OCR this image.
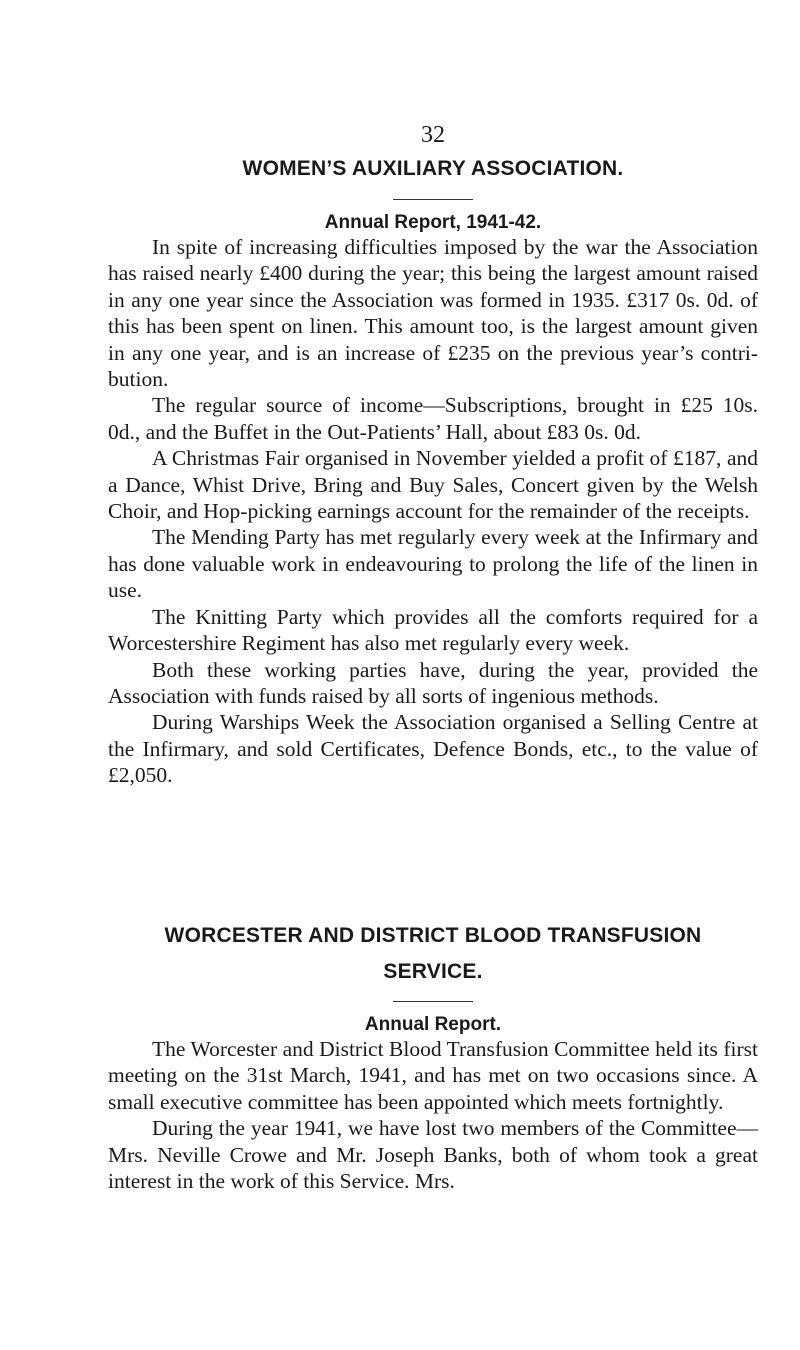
32
WOMEN’S AUXILIARY ASSOCIATION.
Annual Report, 1941-42.

In spite of increasing difficulties imposed by the war the Association has raised nearly £400 during the year; this being the largest amount raised in any one year since the Association was formed in 1935. £317 0s. 0d. of this has been spent on linen. This amount too, is the largest amount given in any one year, and is an increase of £235 on the previous year’s contribution.

The regular source of income—Subscriptions, brought in £25 10s. 0d., and the Buffet in the Out-Patients’ Hall, about £83 0s. 0d.

A Christmas Fair organised in November yielded a profit of £187, and a Dance, Whist Drive, Bring and Buy Sales, Concert given by the Welsh Choir, and Hop-picking earnings account for the remainder of the receipts.

The Mending Party has met regularly every week at the Infirmary and has done valuable work in endeavouring to prolong the life of the linen in use.

The Knitting Party which provides all the comforts required for a Worcestershire Regiment has also met regularly every week.

Both these working parties have, during the year, provided the Association with funds raised by all sorts of ingenious methods.

During Warships Week the Association organised a Selling Centre at the Infirmary, and sold Certificates, Defence Bonds, etc., to the value of £2,050.

WORCESTER AND DISTRICT BLOOD TRANSFUSION
SERVICE.
Annual Report.

The Worcester and District Blood Transfusion Committee held its first meeting on the 31st March, 1941, and has met on two occasions since. A small executive committee has been appointed which meets fortnightly.

During the year 1941, we have lost two members of the Committee—Mrs. Neville Crowe and Mr. Joseph Banks, both of whom took a great interest in the work of this Service. Mrs.
